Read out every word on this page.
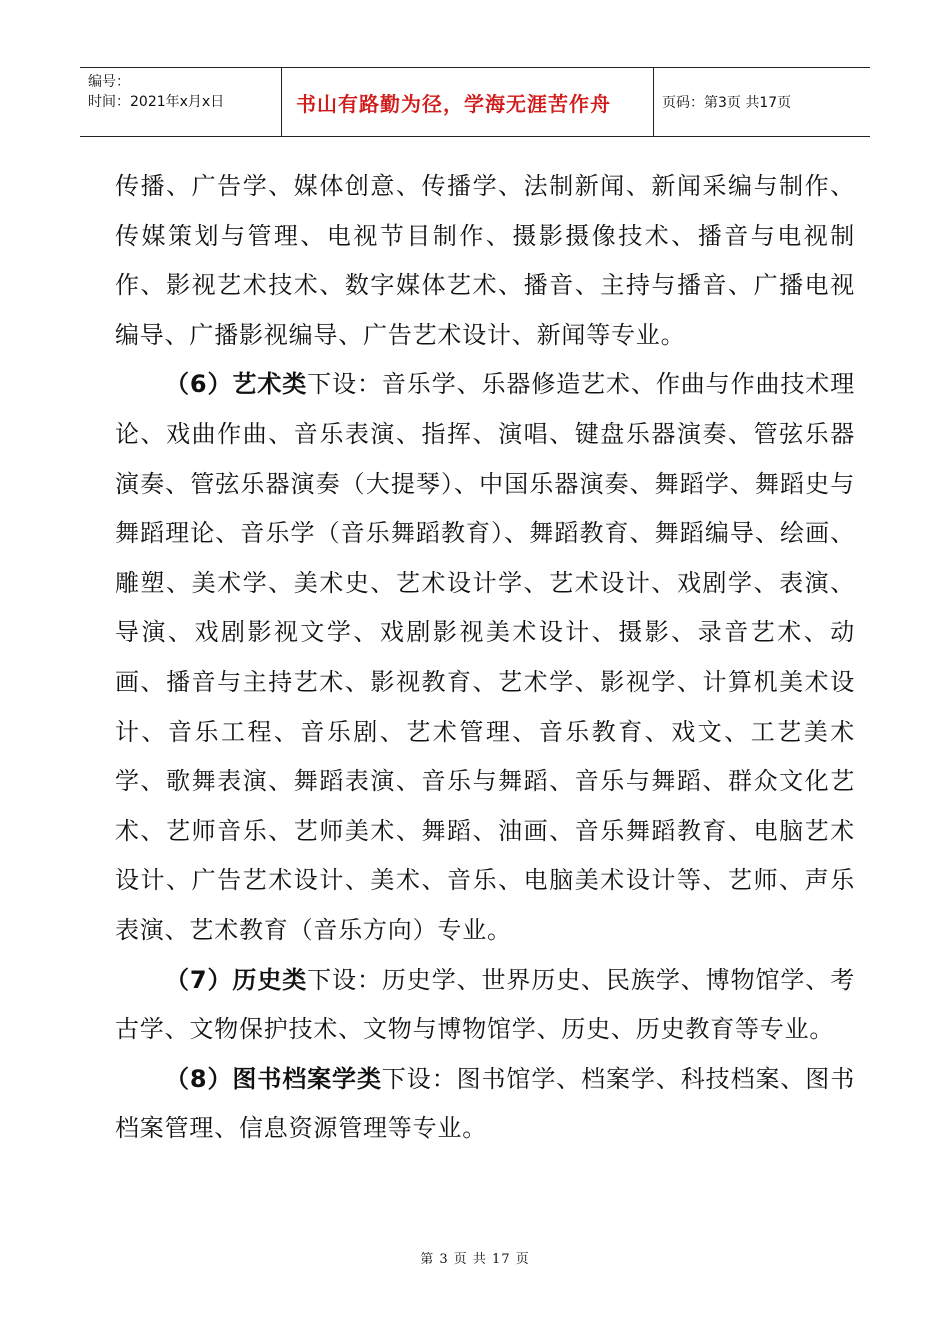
编号：
时间：2021年x月x日	书山有路勤为径，学海无涯苦作舟	页码：第3页 共17页

传播、广告学、媒体创意、传播学、法制新闻、新闻采编与制作、传媒策划与管理、电视节目制作、摄影摄像技术、播音与电视制作、影视艺术技术、数字媒体艺术、播音、主持与播音、广播电视编导、广播影视编导、广告艺术设计、新闻等专业。

（6）艺术类下设：音乐学、乐器修造艺术、作曲与作曲技术理论、戏曲作曲、音乐表演、指挥、演唱、键盘乐器演奏、管弦乐器演奏、管弦乐器演奏（大提琴）、中国乐器演奏、舞蹈学、舞蹈史与舞蹈理论、音乐学（音乐舞蹈教育）、舞蹈教育、舞蹈编导、绘画、雕塑、美术学、美术史、艺术设计学、艺术设计、戏剧学、表演、导演、戏剧影视文学、戏剧影视美术设计、摄影、录音艺术、动画、播音与主持艺术、影视教育、艺术学、影视学、计算机美术设计、音乐工程、音乐剧、艺术管理、音乐教育、戏文、工艺美术学、歌舞表演、舞蹈表演、音乐与舞蹈、音乐与舞蹈、群众文化艺术、艺师音乐、艺师美术、舞蹈、油画、音乐舞蹈教育、电脑艺术设计、广告艺术设计、美术、音乐、电脑美术设计等、艺师、声乐表演、艺术教育（音乐方向）专业。

（7）历史类下设：历史学、世界历史、民族学、博物馆学、考古学、文物保护技术、文物与博物馆学、历史、历史教育等专业。

（8）图书档案学类下设：图书馆学、档案学、科技档案、图书档案管理、信息资源管理等专业。

第 3 页 共 17 页
